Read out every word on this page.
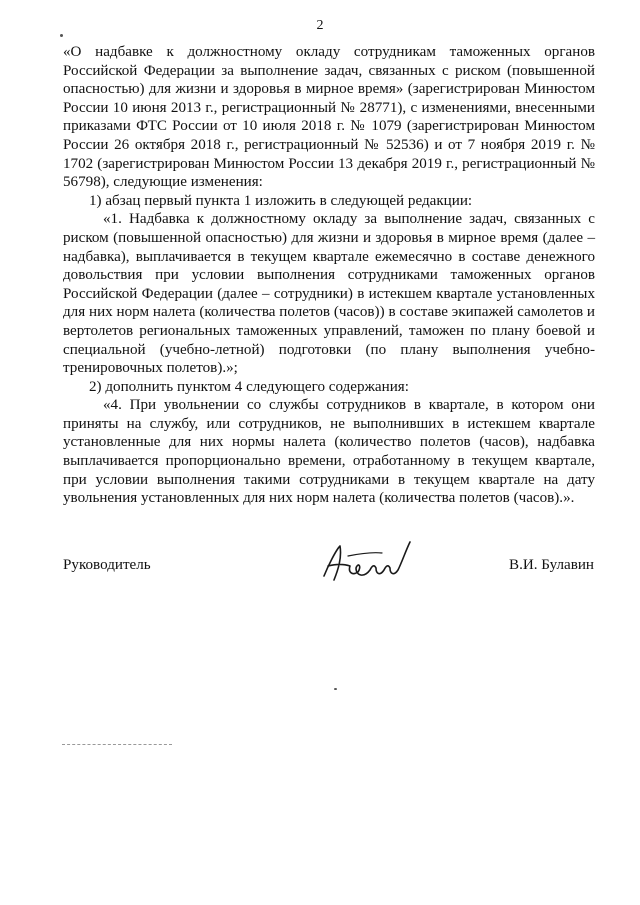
2

«О надбавке к должностному окладу сотрудникам таможенных органов Российской Федерации за выполнение задач, связанных с риском (повышенной опасностью) для жизни и здоровья в мирное время» (зарегистрирован Минюстом России 10 июня 2013 г., регистрационный № 28771), с изменениями, внесенными приказами ФТС России от 10 июля 2018 г. № 1079 (зарегистрирован Минюстом России 26 октября 2018 г., регистрационный № 52536) и от 7 ноября 2019 г. № 1702 (зарегистрирован Минюстом России 13 декабря 2019 г., регистрационный № 56798), следующие изменения:

1) абзац первый пункта 1 изложить в следующей редакции:

«1. Надбавка к должностному окладу за выполнение задач, связанных с риском (повышенной опасностью) для жизни и здоровья в мирное время (далее – надбавка), выплачивается в текущем квартале ежемесячно в составе денежного довольствия при условии выполнения сотрудниками таможенных органов Российской Федерации (далее – сотрудники) в истекшем квартале установленных для них норм налета (количества полетов (часов)) в составе экипажей самолетов и вертолетов региональных таможенных управлений, таможен по плану боевой и специальной (учебно-летной) подготовки (по плану выполнения учебно-тренировочных полетов).»;

2) дополнить пунктом 4 следующего содержания:

«4. При увольнении со службы сотрудников в квартале, в котором они приняты на службу, или сотрудников, не выполнивших в истекшем квартале установленные для них нормы налета (количество полетов (часов), надбавка выплачивается пропорционально времени, отработанному в текущем квартале, при условии выполнения такими сотрудниками в текущем квартале на дату увольнения установленных для них норм налета (количества полетов (часов).».

Руководитель	В.И. Булавин
